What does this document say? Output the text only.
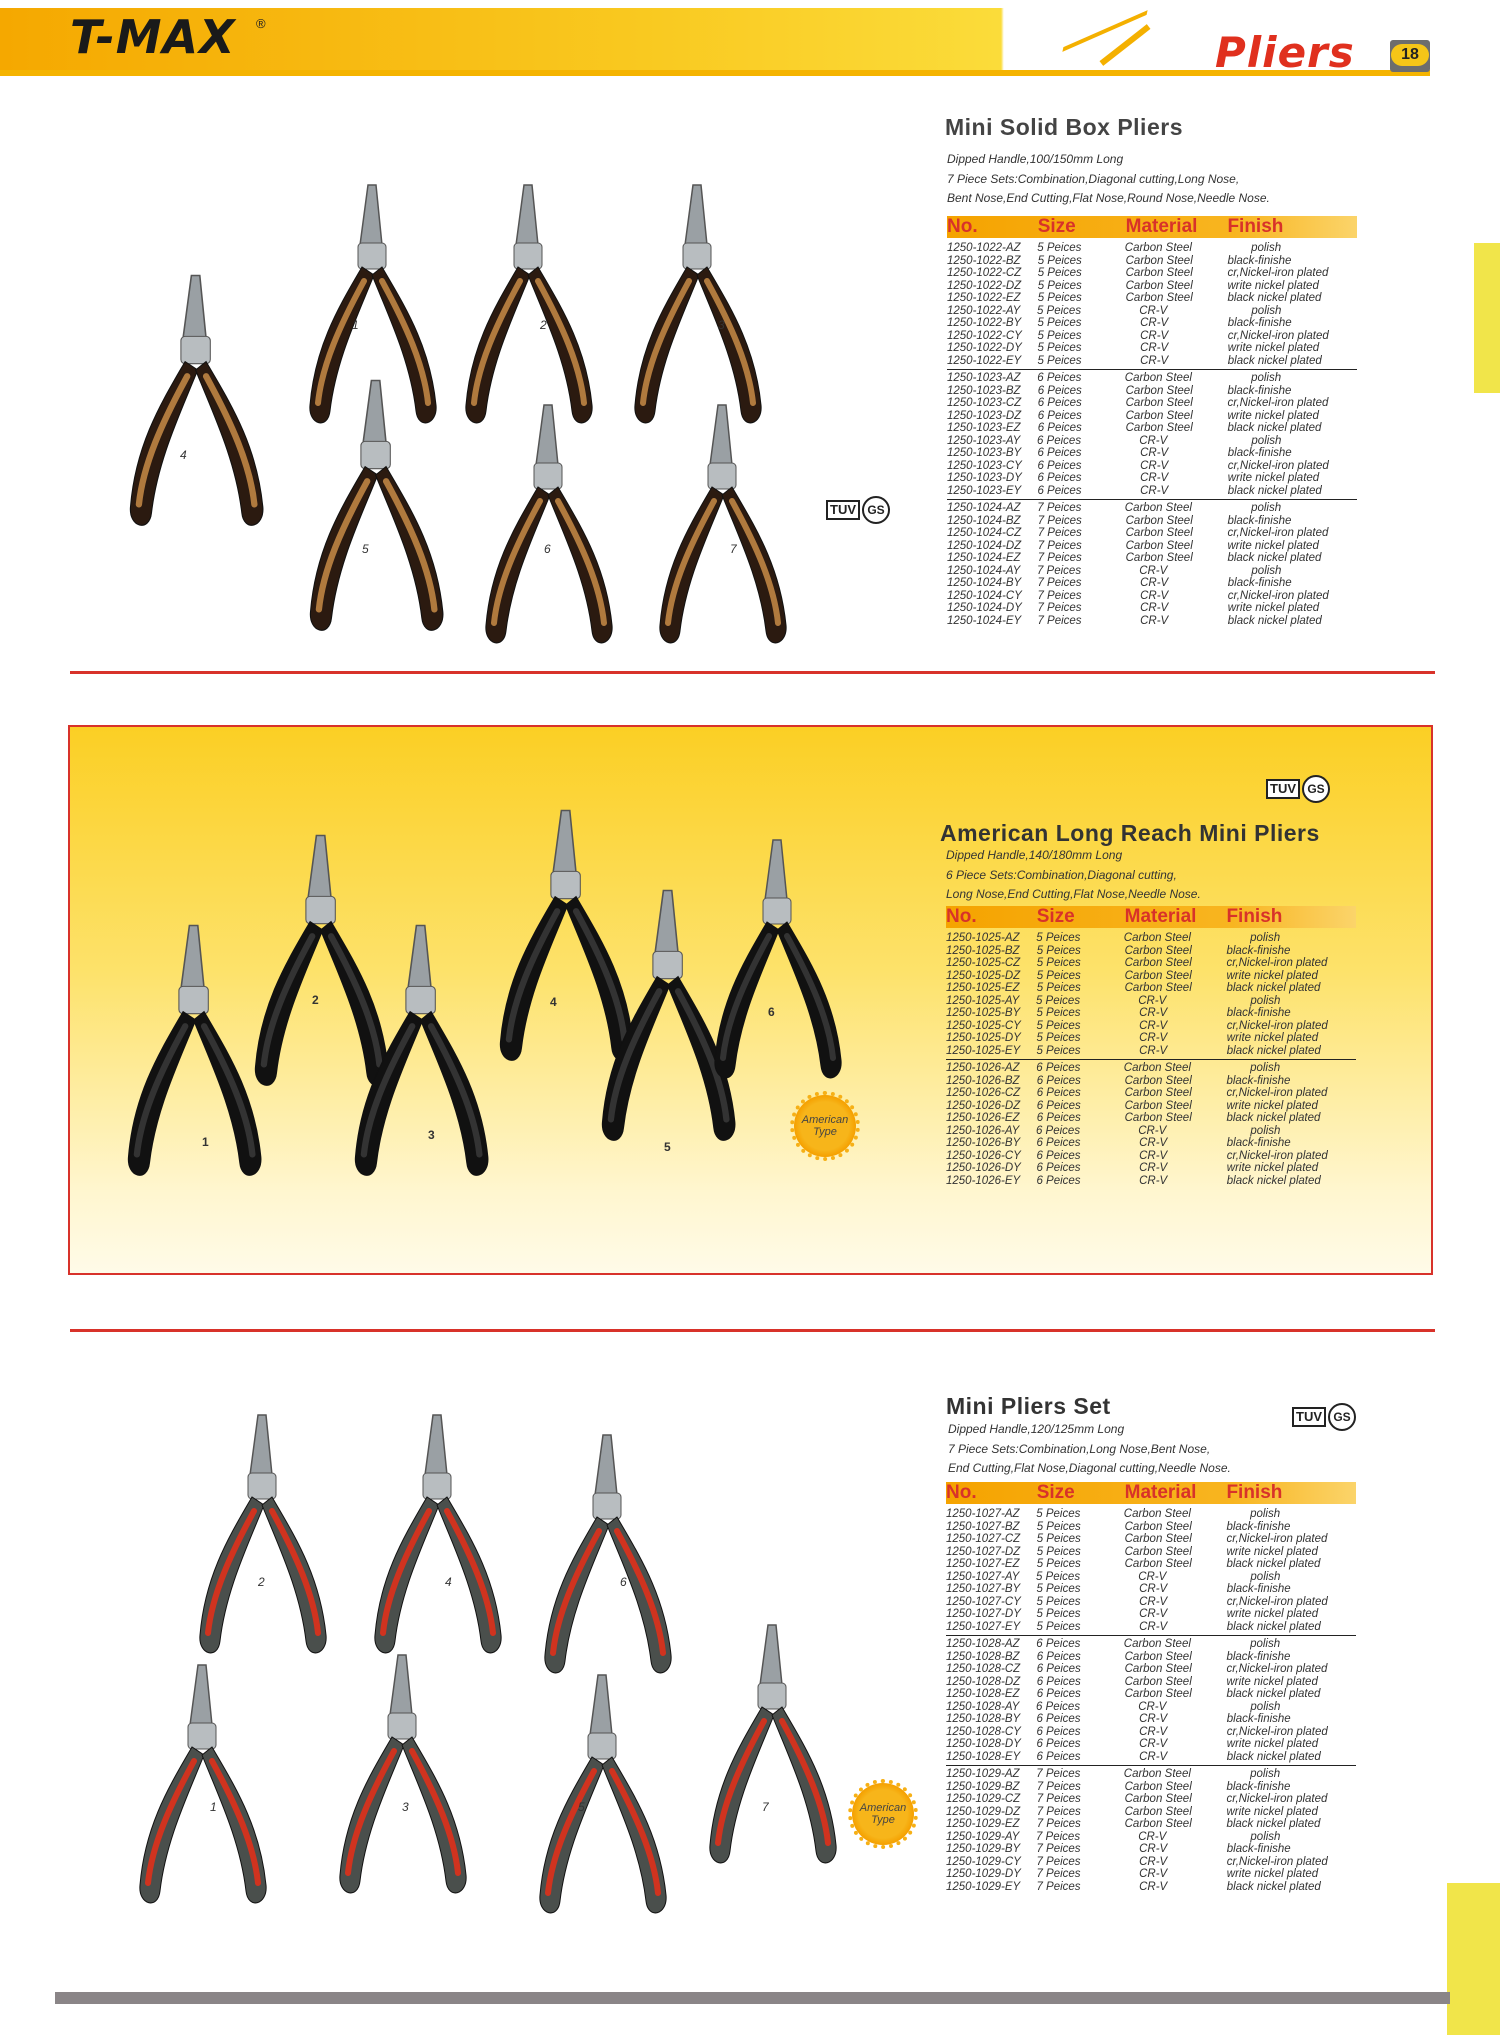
T-MAX ®
Pliers	18
Mini Solid Box Pliers
Dipped Handle,100/150mm Long
7 Piece Sets:Combination,Diagonal cutting,Long Nose,
Bent Nose,End Cutting,Flat Nose,Round Nose,Needle Nose.
No.	Size	Material	Finish
1250-1022-AZ	5 Peices	Carbon Steel	polish
1250-1022-BZ	5 Peices	Carbon Steel	black-finishe
1250-1022-CZ	5 Peices	Carbon Steel	cr,Nickel-iron plated
1250-1022-DZ	5 Peices	Carbon Steel	write nickel plated
1250-1022-EZ	5 Peices	Carbon Steel	black nickel plated
1250-1022-AY	5 Peices	CR-V	polish
1250-1022-BY	5 Peices	CR-V	black-finishe
1250-1022-CY	5 Peices	CR-V	cr,Nickel-iron plated
1250-1022-DY	5 Peices	CR-V	write nickel plated
1250-1022-EY	5 Peices	CR-V	black nickel plated
1250-1023-AZ	6 Peices	Carbon Steel	polish
1250-1023-BZ	6 Peices	Carbon Steel	black-finishe
1250-1023-CZ	6 Peices	Carbon Steel	cr,Nickel-iron plated
1250-1023-DZ	6 Peices	Carbon Steel	write nickel plated
1250-1023-EZ	6 Peices	Carbon Steel	black nickel plated
1250-1023-AY	6 Peices	CR-V	polish
1250-1023-BY	6 Peices	CR-V	black-finishe
1250-1023-CY	6 Peices	CR-V	cr,Nickel-iron plated
1250-1023-DY	6 Peices	CR-V	write nickel plated
1250-1023-EY	6 Peices	CR-V	black nickel plated
1250-1024-AZ	7 Peices	Carbon Steel	polish
1250-1024-BZ	7 Peices	Carbon Steel	black-finishe
1250-1024-CZ	7 Peices	Carbon Steel	cr,Nickel-iron plated
1250-1024-DZ	7 Peices	Carbon Steel	write nickel plated
1250-1024-EZ	7 Peices	Carbon Steel	black nickel plated
1250-1024-AY	7 Peices	CR-V	polish
1250-1024-BY	7 Peices	CR-V	black-finishe
1250-1024-CY	7 Peices	CR-V	cr,Nickel-iron plated
1250-1024-DY	7 Peices	CR-V	write nickel plated
1250-1024-EY	7 Peices	CR-V	black nickel plated
TUV GS
1	2	3
4
5	6	7
TUV GS
American Long Reach Mini Pliers
Dipped Handle,140/180mm Long
6 Piece Sets:Combination,Diagonal cutting,
Long Nose,End Cutting,Flat Nose,Needle Nose.
No.	Size	Material	Finish
1250-1025-AZ	5 Peices	Carbon Steel	polish
1250-1025-BZ	5 Peices	Carbon Steel	black-finishe
1250-1025-CZ	5 Peices	Carbon Steel	cr,Nickel-iron plated
1250-1025-DZ	5 Peices	Carbon Steel	write nickel plated
1250-1025-EZ	5 Peices	Carbon Steel	black nickel plated
1250-1025-AY	5 Peices	CR-V	polish
1250-1025-BY	5 Peices	CR-V	black-finishe
1250-1025-CY	5 Peices	CR-V	cr,Nickel-iron plated
1250-1025-DY	5 Peices	CR-V	write nickel plated
1250-1025-EY	5 Peices	CR-V	black nickel plated
1250-1026-AZ	6 Peices	Carbon Steel	polish
1250-1026-BZ	6 Peices	Carbon Steel	black-finishe
1250-1026-CZ	6 Peices	Carbon Steel	cr,Nickel-iron plated
1250-1026-DZ	6 Peices	Carbon Steel	write nickel plated
1250-1026-EZ	6 Peices	Carbon Steel	black nickel plated
1250-1026-AY	6 Peices	CR-V	polish
1250-1026-BY	6 Peices	CR-V	black-finishe
1250-1026-CY	6 Peices	CR-V	cr,Nickel-iron plated
1250-1026-DY	6 Peices	CR-V	write nickel plated
1250-1026-EY	6 Peices	CR-V	black nickel plated
American
Type
1
2
3
4
5
6
Mini Pliers Set	TUV GS
Dipped Handle,120/125mm Long
7 Piece Sets:Combination,Long Nose,Bent Nose,
End Cutting,Flat Nose,Diagonal cutting,Needle Nose.
No.	Size	Material	Finish
1250-1027-AZ	5 Peices	Carbon Steel	polish
1250-1027-BZ	5 Peices	Carbon Steel	black-finishe
1250-1027-CZ	5 Peices	Carbon Steel	cr,Nickel-iron plated
1250-1027-DZ	5 Peices	Carbon Steel	write nickel plated
1250-1027-EZ	5 Peices	Carbon Steel	black nickel plated
1250-1027-AY	5 Peices	CR-V	polish
1250-1027-BY	5 Peices	CR-V	black-finishe
1250-1027-CY	5 Peices	CR-V	cr,Nickel-iron plated
1250-1027-DY	5 Peices	CR-V	write nickel plated
1250-1027-EY	5 Peices	CR-V	black nickel plated
1250-1028-AZ	6 Peices	Carbon Steel	polish
1250-1028-BZ	6 Peices	Carbon Steel	black-finishe
1250-1028-CZ	6 Peices	Carbon Steel	cr,Nickel-iron plated
1250-1028-DZ	6 Peices	Carbon Steel	write nickel plated
1250-1028-EZ	6 Peices	Carbon Steel	black nickel plated
1250-1028-AY	6 Peices	CR-V	polish
1250-1028-BY	6 Peices	CR-V	black-finishe
1250-1028-CY	6 Peices	CR-V	cr,Nickel-iron plated
1250-1028-DY	6 Peices	CR-V	write nickel plated
1250-1028-EY	6 Peices	CR-V	black nickel plated
1250-1029-AZ	7 Peices	Carbon Steel	polish
1250-1029-BZ	7 Peices	Carbon Steel	black-finishe
1250-1029-CZ	7 Peices	Carbon Steel	cr,Nickel-iron plated
1250-1029-DZ	7 Peices	Carbon Steel	write nickel plated
1250-1029-EZ	7 Peices	Carbon Steel	black nickel plated
1250-1029-AY	7 Peices	CR-V	polish
1250-1029-BY	7 Peices	CR-V	black-finishe
1250-1029-CY	7 Peices	CR-V	cr,Nickel-iron plated
1250-1029-DY	7 Peices	CR-V	write nickel plated
1250-1029-EY	7 Peices	CR-V	black nickel plated
American
Type
2	4	6
1	3	5	7
